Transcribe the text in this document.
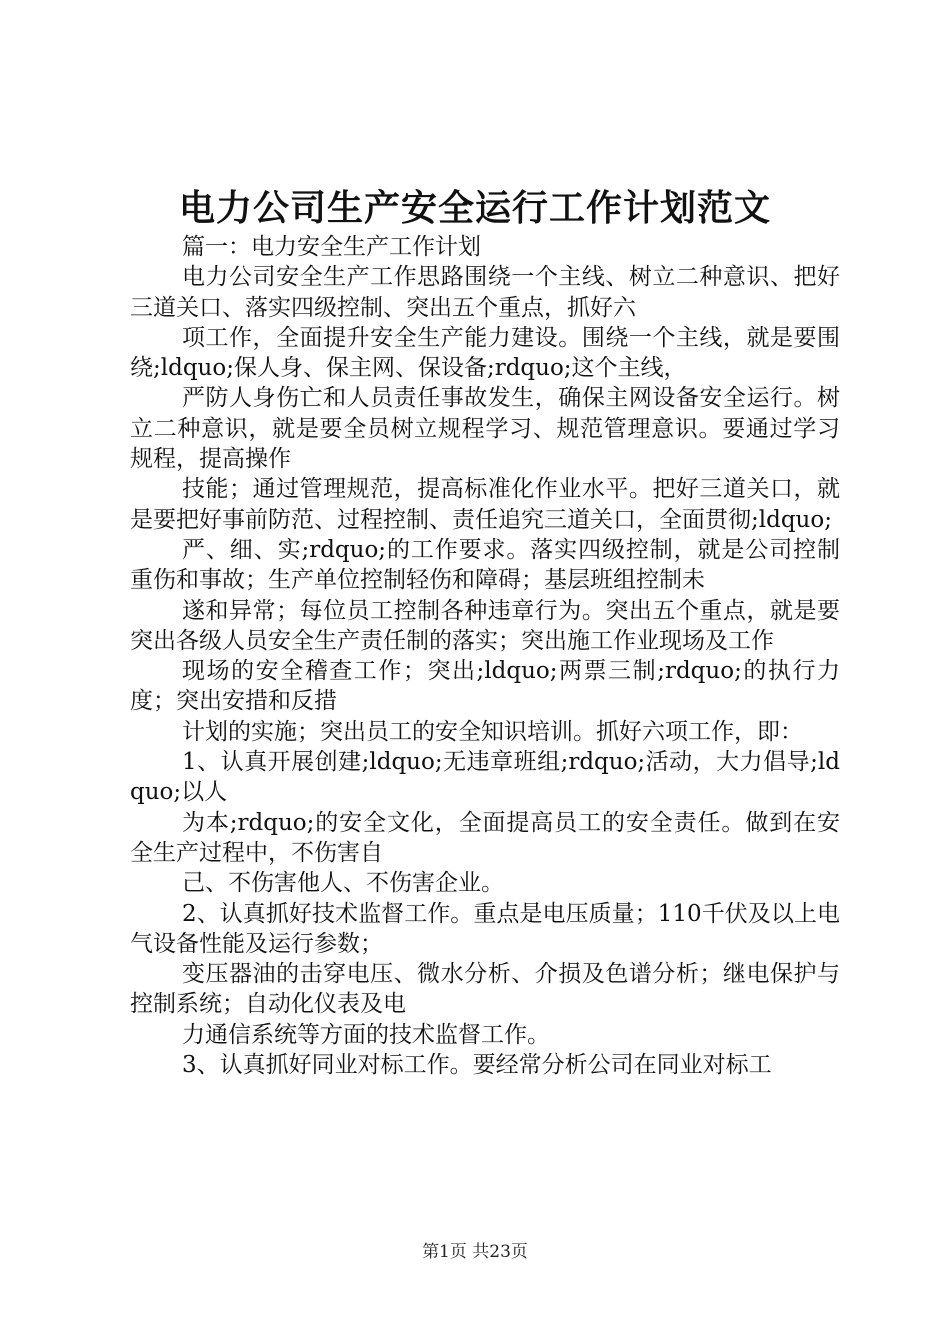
电力公司生产安全运行工作计划范文

篇一：电力安全生产工作计划

电力公司安全生产工作思路围绕一个主线、树立二种意识、把好三道关口、落实四级控制、突出五个重点，抓好六

项工作，全面提升安全生产能力建设。围绕一个主线，就是要围绕;ldquo;保人身、保主网、保设备;rdquo;这个主线，

严防人身伤亡和人员责任事故发生，确保主网设备安全运行。树立二种意识，就是要全员树立规程学习、规范管理意识。要通过学习规程，提高操作

技能；通过管理规范，提高标准化作业水平。把好三道关口，就是要把好事前防范、过程控制、责任追究三道关口，全面贯彻;ldquo;

严、细、实;rdquo;的工作要求。落实四级控制，就是公司控制重伤和事故；生产单位控制轻伤和障碍；基层班组控制未

遂和异常；每位员工控制各种违章行为。突出五个重点，就是要突出各级人员安全生产责任制的落实；突出施工作业现场及工作

现场的安全稽查工作；突出;ldquo;两票三制;rdquo;的执行力度；突出安措和反措

计划的实施；突出员工的安全知识培训。抓好六项工作，即：

1、认真开展创建;ldquo;无违章班组;rdquo;活动，大力倡导;ldquo;以人

为本;rdquo;的安全文化，全面提高员工的安全责任。做到在安全生产过程中，不伤害自

己、不伤害他人、不伤害企业。

2、认真抓好技术监督工作。重点是电压质量；110千伏及以上电气设备性能及运行参数；

变压器油的击穿电压、微水分析、介损及色谱分析；继电保护与控制系统；自动化仪表及电

力通信系统等方面的技术监督工作。

3、认真抓好同业对标工作。要经常分析公司在同业对标工

第1页 共23页
